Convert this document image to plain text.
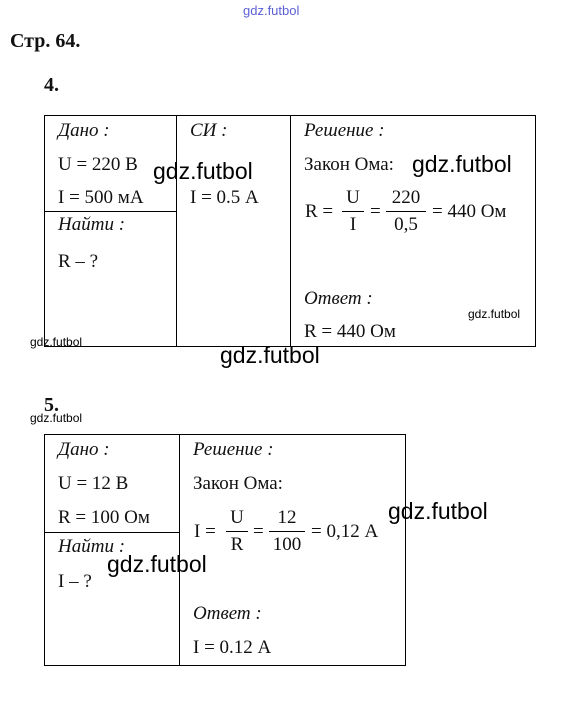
gdz.futbol
Стр. 64.
4.
Дано :
U = 220 В
I = 500 мА
Найти :
R – ?
СИ :
I = 0.5 А
Решение :
Закон Ома:
R =
U
I
=
220
0,5
= 440 Ом
Ответ :
R = 440 Ом
gdz.futbol	gdz.futbol
gdz.futbol
gdz.futbol	gdz.futbol
5.
gdz.futbol
Дано :
U = 12 В
R = 100 Ом
Найти :
I – ?
Решение :
Закон Ома:
I =
U
R
=
12
100
= 0,12 А
Ответ :
I = 0.12 А
gdz.futbol
gdz.futbol
